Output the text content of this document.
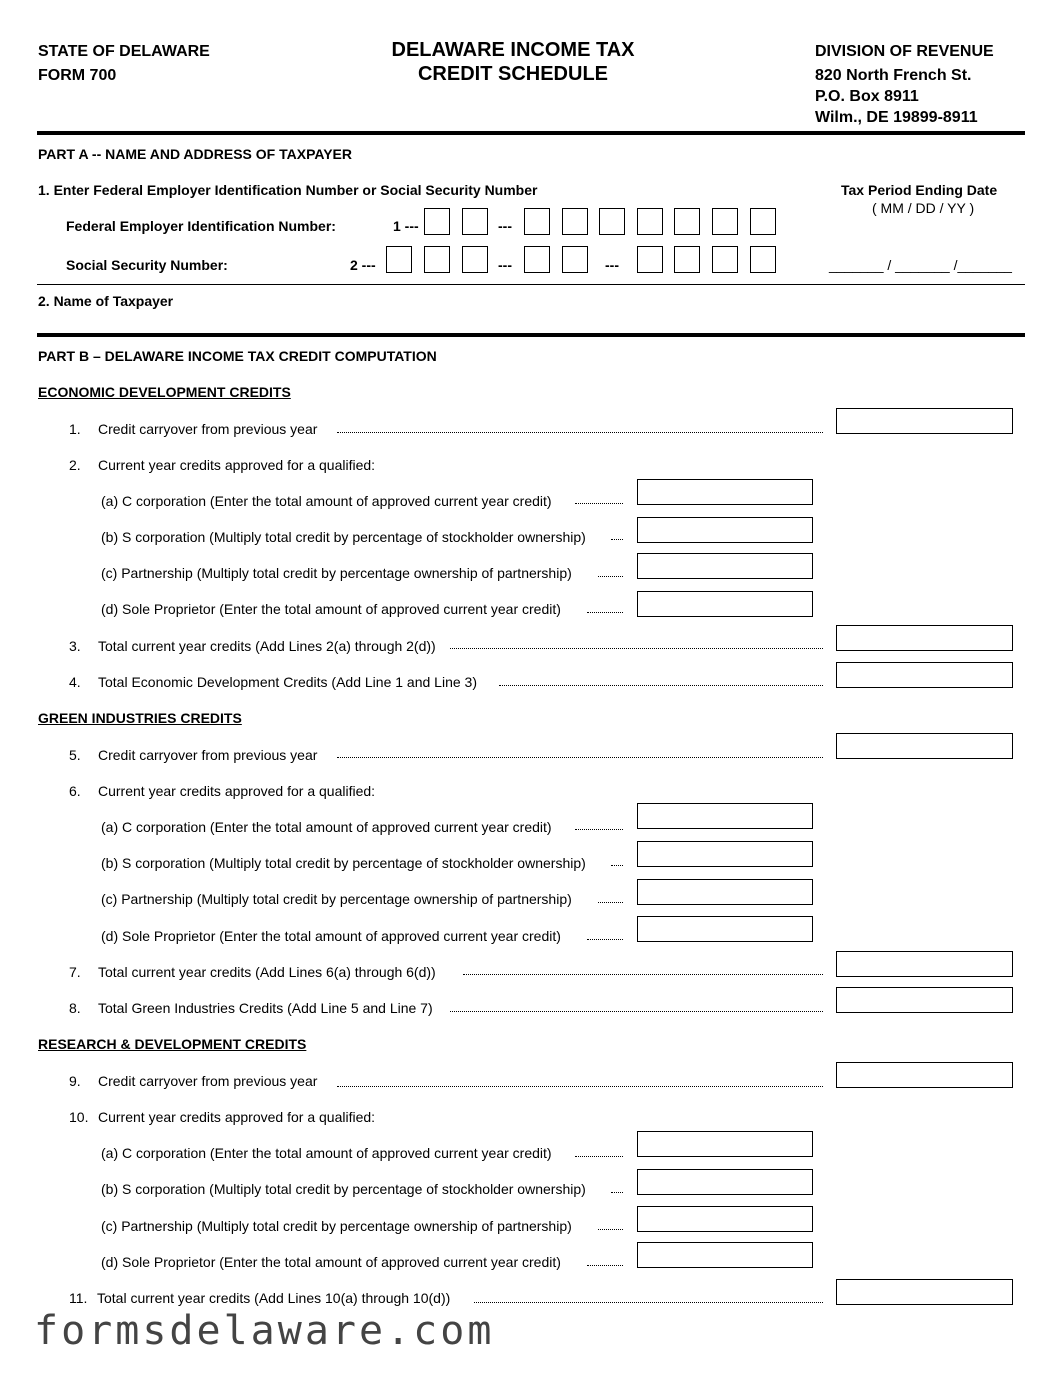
STATE OF DELAWARE
FORM 700
DELAWARE INCOME TAX
CREDIT SCHEDULE
DIVISION OF REVENUE
820 North French St.
P.O. Box 8911
Wilm., DE 19899-8911
PART A -- NAME AND ADDRESS OF TAXPAYER
1. Enter Federal Employer Identification Number or Social Security Number	Tax Period Ending Date
( MM / DD / YY )
Federal Employer Identification Number:	1 ---	---
Social Security Number:	2 ---	---	---	_______ / _______ /_______
2. Name of Taxpayer
PART B – DELAWARE INCOME TAX CREDIT COMPUTATION
ECONOMIC DEVELOPMENT CREDITS
1. Credit carryover from previous year
2. Current year credits approved for a qualified:
(a) C corporation (Enter the total amount of approved current year credit)
(b) S corporation (Multiply total credit by percentage of stockholder ownership)
(c) Partnership (Multiply total credit by percentage ownership of partnership)
(d) Sole Proprietor (Enter the total amount of approved current year credit)
3. Total current year credits (Add Lines 2(a) through 2(d))
4. Total Economic Development Credits (Add Line 1 and Line 3)
GREEN INDUSTRIES CREDITS
5. Credit carryover from previous year
6. Current year credits approved for a qualified:
(a) C corporation (Enter the total amount of approved current year credit)
(b) S corporation (Multiply total credit by percentage of stockholder ownership)
(c) Partnership (Multiply total credit by percentage ownership of partnership)
(d) Sole Proprietor (Enter the total amount of approved current year credit)
7. Total current year credits (Add Lines 6(a) through 6(d))
8. Total Green Industries Credits (Add Line 5 and Line 7)
RESEARCH & DEVELOPMENT CREDITS
9. Credit carryover from previous year
10. Current year credits approved for a qualified:
(a) C corporation (Enter the total amount of approved current year credit)
(b) S corporation (Multiply total credit by percentage of stockholder ownership)
(c) Partnership (Multiply total credit by percentage ownership of partnership)
(d) Sole Proprietor (Enter the total amount of approved current year credit)
11. Total current year credits (Add Lines 10(a) through 10(d))
formsdelaware.com
